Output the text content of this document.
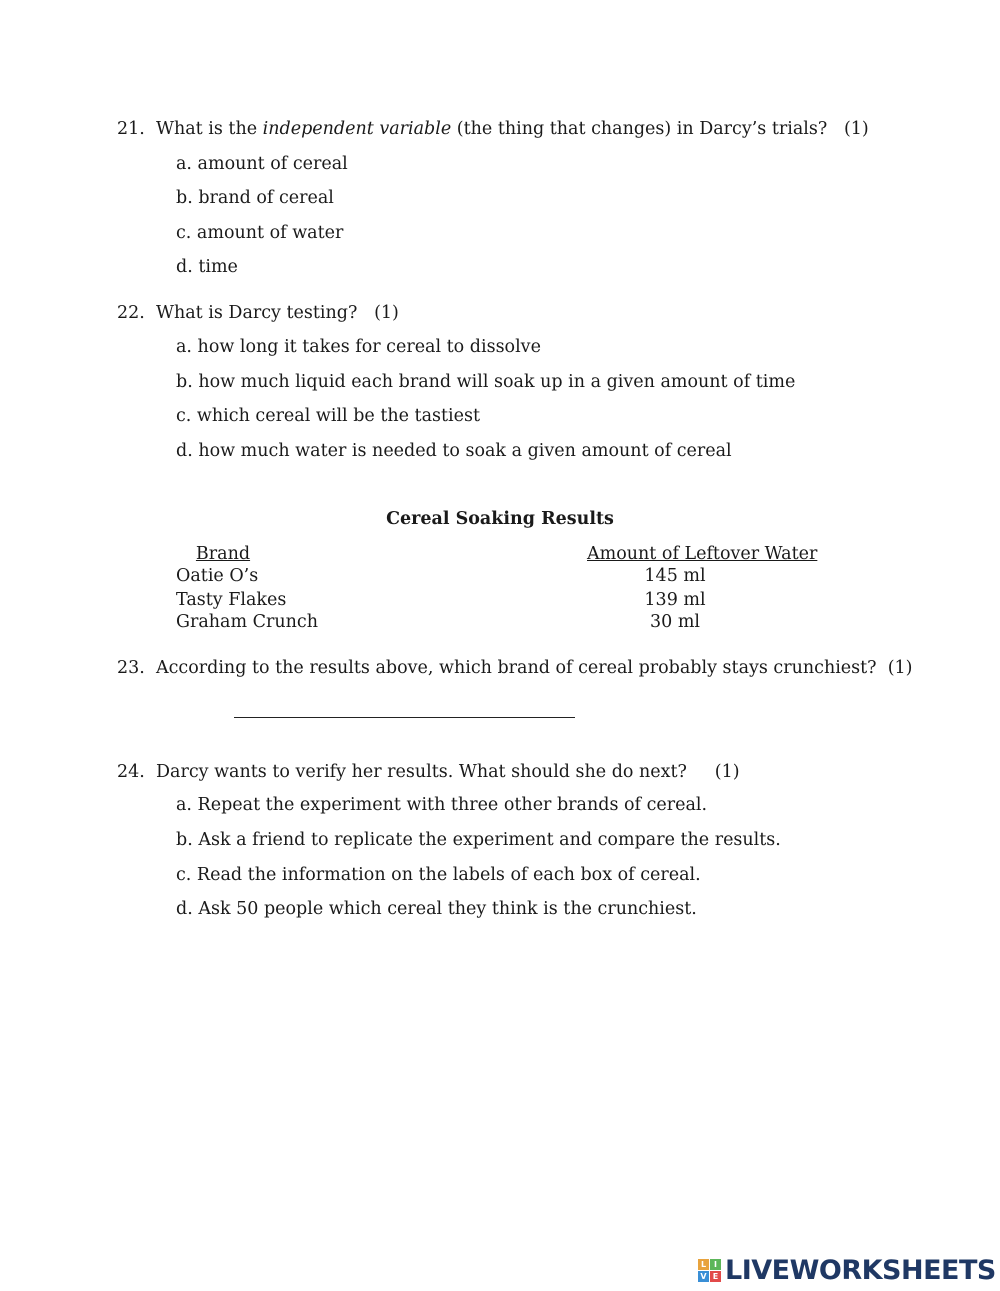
21. What is the independent variable (the thing that changes) in Darcy’s trials? (1)
a. amount of cereal
b. brand of cereal
c. amount of water
d. time
22. What is Darcy testing? (1)
a. how long it takes for cereal to dissolve
b. how much liquid each brand will soak up in a given amount of time
c. which cereal will be the tastiest
d. how much water is needed to soak a given amount of cereal
Cereal Soaking Results
Brand	Amount of Leftover Water
Oatie O’s	145 ml
Tasty Flakes	139 ml
Graham Crunch	30 ml
23. According to the results above, which brand of cereal probably stays crunchiest? (1)
24. Darcy wants to verify her results. What should she do next? (1)
a. Repeat the experiment with three other brands of cereal.
b. Ask a friend to replicate the experiment and compare the results.
c. Read the information on the labels of each box of cereal.
d. Ask 50 people which cereal they think is the crunchiest.
L I
V E LIVEWORKSHEETS
